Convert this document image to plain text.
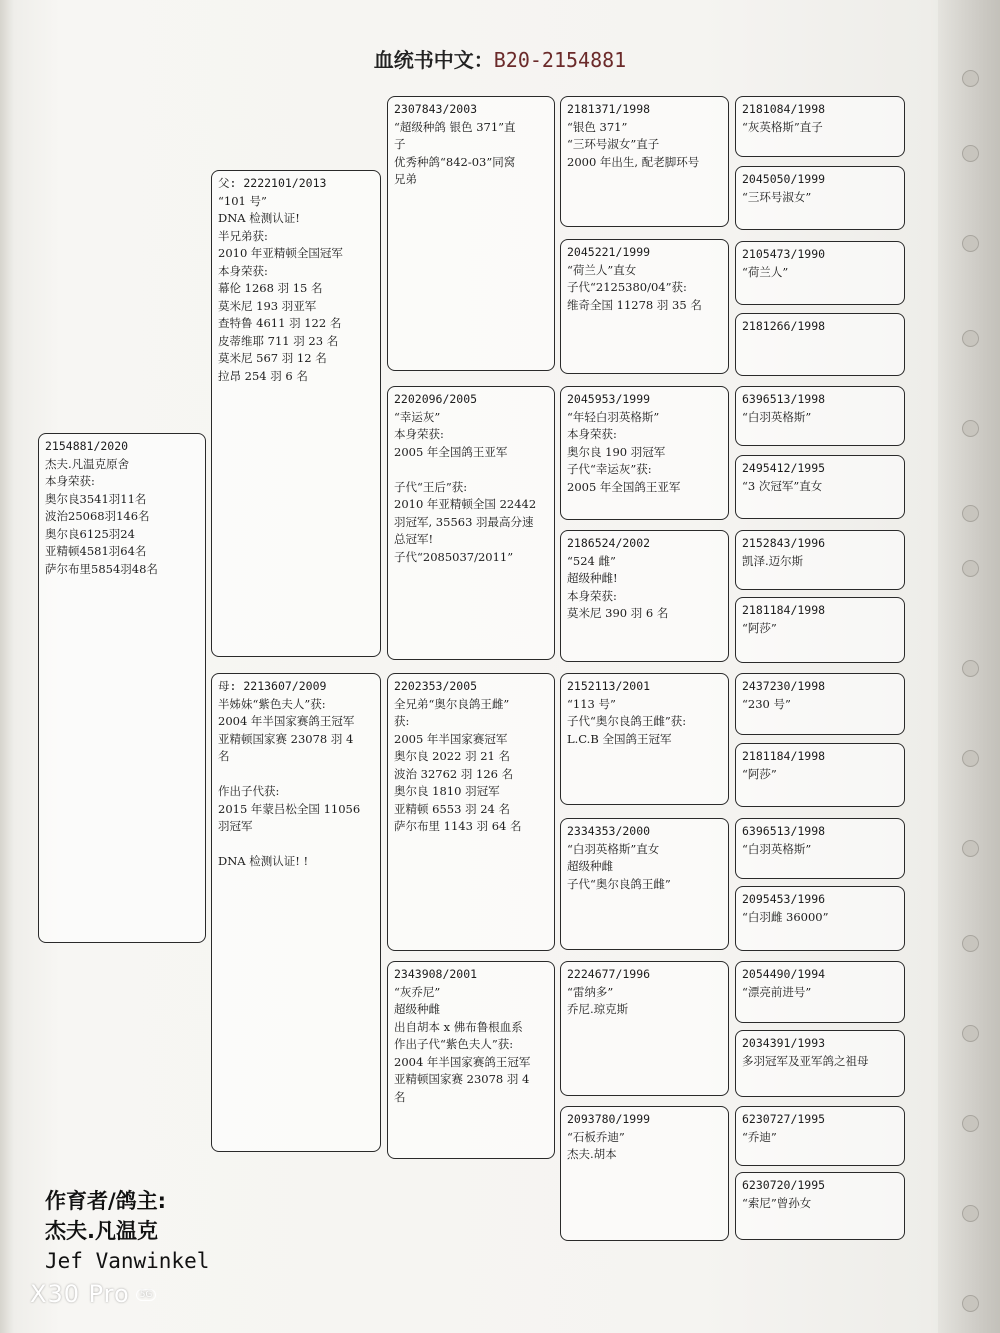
血统书中文：B20-2154881
2154881/2020
杰夫.凡温克原舍
本身荣获:
奥尔良3541羽11名
波治25068羽146名
奥尔良6125羽24
亚精顿4581羽64名
萨尔布里5854羽48名
父: 2222101/2013
“101 号”
DNA 检测认证!
半兄弟获:
2010 年亚精顿全国冠军
本身荣获:
幕伦 1268 羽 15 名
莫米尼 193 羽亚军
查特鲁 4611 羽 122 名
皮蒂维耶 711 羽 23 名
莫米尼 567 羽 12 名
拉昂 254 羽 6 名
母: 2213607/2009
半姊妹“紫色夫人”获:
2004 年半国家赛鸽王冠军
亚精顿国家赛 23078 羽 4
名

作出子代获:
2015 年蒙吕松全国 11056
羽冠军

DNA 检测认证! !
2307843/2003
“超级种鸽 银色 371”直
子
优秀种鸽“842-03”同窝
兄弟
2202096/2005
“幸运灰”
本身荣获:
2005 年全国鸽王亚军

子代“王后”获:
2010 年亚精顿全国 22442
羽冠军, 35563 羽最高分速
总冠军!
子代“2085037/2011”
2202353/2005
全兄弟“奥尔良鸽王雌”
获:
2005 年半国家赛冠军
奥尔良 2022 羽 21 名
波治 32762 羽 126 名
奥尔良 1810 羽冠军
亚精顿 6553 羽 24 名
萨尔布里 1143 羽 64 名
2343908/2001
“灰乔尼”
超级种雌
出自胡本 x 佛布鲁根血系
作出子代“紫色夫人”获:
2004 年半国家赛鸽王冠军
亚精顿国家赛 23078 羽 4
名
2181371/1998
“银色 371”
“三环号淑女”直子
2000 年出生, 配老脚环号
2045221/1999
“荷兰人”直女
子代“2125380/04”获:
维奇全国 11278 羽 35 名
2045953/1999
“年轻白羽英格斯”
本身荣获:
奥尔良 190 羽冠军
子代“幸运灰”获:
2005 年全国鸽王亚军
2186524/2002
“524 雌”
超级种雌!
本身荣获:
莫米尼 390 羽 6 名
2152113/2001
“113 号”
子代“奥尔良鸽王雌”获:
L.C.B 全国鸽王冠军
2334353/2000
“白羽英格斯”直女
超级种雌
子代“奥尔良鸽王雌”
2224677/1996
“雷纳多”
乔尼.琼克斯
2093780/1999
“石板乔迪”
杰夫.胡本
2181084/1998
“灰英格斯”直子
2045050/1999
“三环号淑女”
2105473/1990
“荷兰人”
2181266/1998
6396513/1998
“白羽英格斯”
2495412/1995
“3 次冠军”直女
2152843/1996
凯泽.迈尔斯
2181184/1998
“阿莎”
2437230/1998
“230 号”
2181184/1998
“阿莎”
6396513/1998
“白羽英格斯”
2095453/1996
“白羽雌 36000”
2054490/1994
“漂亮前进号”
2034391/1993
多羽冠军及亚军鸽之祖母
6230727/1995
“乔迪”
6230720/1995
“索尼”曾孙女
作育者/鸽主:
杰夫.凡温克
Jef Vanwinkel
X30 Pro 5G
